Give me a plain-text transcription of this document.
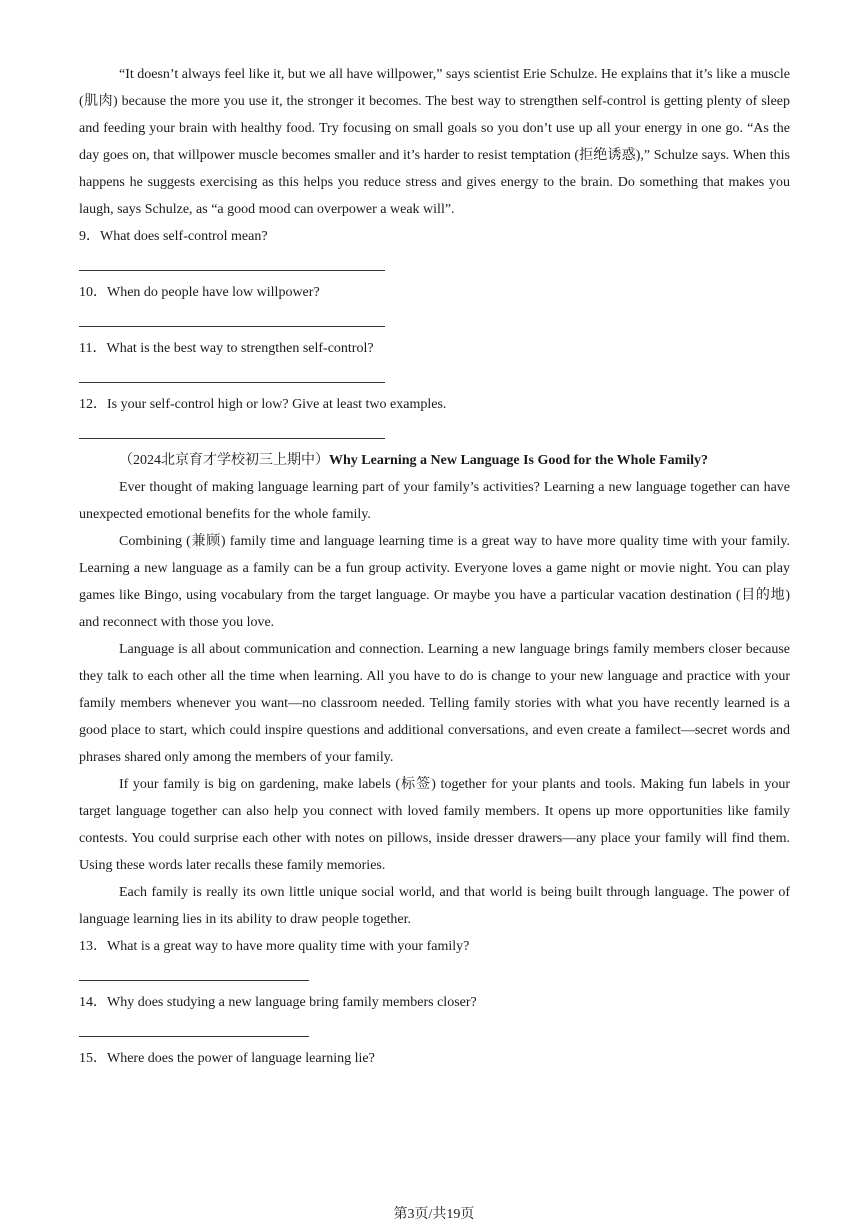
“It doesn’t always feel like it, but we all have willpower,” says scientist Erie Schulze. He explains that it’s like a muscle (肌肉) because the more you use it, the stronger it becomes. The best way to strengthen self-control is getting plenty of sleep and feeding your brain with healthy food. Try focusing on small goals so you don’t use up all your energy in one go. “As the day goes on, that willpower muscle becomes smaller and it’s harder to resist temptation (拒绝诱惑),” Schulze says. When this happens he suggests exercising as this helps you reduce stress and gives energy to the brain. Do something that makes you laugh, says Schulze, as “a good mood can overpower a weak will”.

9．What does self-control mean?

10．When do people have low willpower?

11．What is the best way to strengthen self-control?

12．Is your self-control high or low? Give at least two examples.

（2024北京育才学校初三上期中）Why Learning a New Language Is Good for the Whole Family?

Ever thought of making language learning part of your family’s activities? Learning a new language together can have unexpected emotional benefits for the whole family.

Combining (兼顾) family time and language learning time is a great way to have more quality time with your family. Learning a new language as a family can be a fun group activity. Everyone loves a game night or movie night. You can play games like Bingo, using vocabulary from the target language. Or maybe you have a particular vacation destination (目的地) and reconnect with those you love.

Language is all about communication and connection. Learning a new language brings family members closer because they talk to each other all the time when learning. All you have to do is change to your new language and practice with your family members whenever you want—no classroom needed. Telling family stories with what you have recently learned is a good place to start, which could inspire questions and additional conversations, and even create a familect—secret words and phrases shared only among the members of your family.

If your family is big on gardening, make labels (标签) together for your plants and tools. Making fun labels in your target language together can also help you connect with loved family members. It opens up more opportunities like family contests. You could surprise each other with notes on pillows, inside dresser drawers—any place your family will find them. Using these words later recalls these family memories.

Each family is really its own little unique social world, and that world is being built through language. The power of language learning lies in its ability to draw people together.

13．What is a great way to have more quality time with your family?

14．Why does studying a new language bring family members closer?

15．Where does the power of language learning lie?

第3页/共19页
